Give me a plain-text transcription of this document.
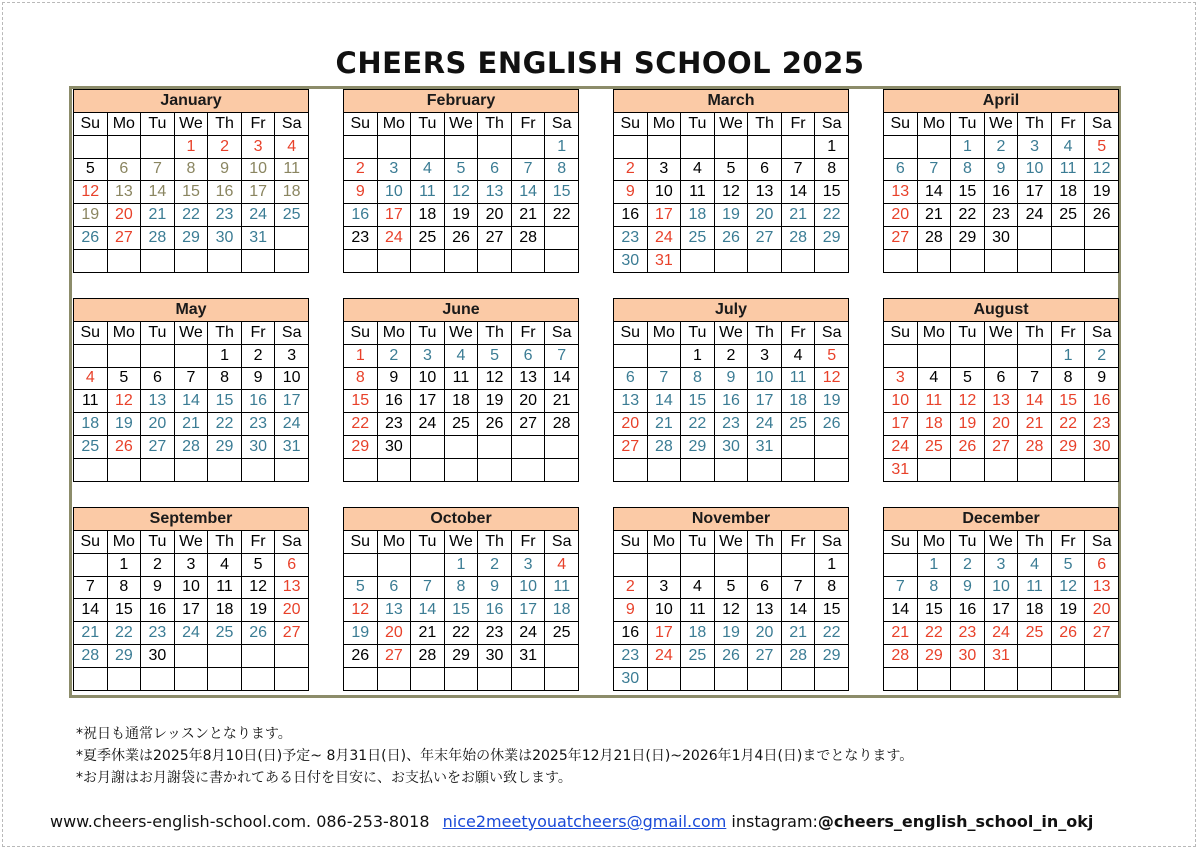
CHEERS ENGLISH SCHOOL 2025
January
Su	Mo	Tu	We	Th	Fr	Sa
			1	2	3	4
5	6	7	8	9	10	11
12	13	14	15	16	17	18
19	20	21	22	23	24	25
26	27	28	29	30	31	

February
Su	Mo	Tu	We	Th	Fr	Sa
						1
2	3	4	5	6	7	8
9	10	11	12	13	14	15
16	17	18	19	20	21	22
23	24	25	26	27	28	

March
Su	Mo	Tu	We	Th	Fr	Sa
						1
2	3	4	5	6	7	8
9	10	11	12	13	14	15
16	17	18	19	20	21	22
23	24	25	26	27	28	29
30	31					
April
Su	Mo	Tu	We	Th	Fr	Sa
		1	2	3	4	5
6	7	8	9	10	11	12
13	14	15	16	17	18	19
20	21	22	23	24	25	26
27	28	29	30			

May
Su	Mo	Tu	We	Th	Fr	Sa
				1	2	3
4	5	6	7	8	9	10
11	12	13	14	15	16	17
18	19	20	21	22	23	24
25	26	27	28	29	30	31

June
Su	Mo	Tu	We	Th	Fr	Sa
1	2	3	4	5	6	7
8	9	10	11	12	13	14
15	16	17	18	19	20	21
22	23	24	25	26	27	28
29	30					

July
Su	Mo	Tu	We	Th	Fr	Sa
		1	2	3	4	5
6	7	8	9	10	11	12
13	14	15	16	17	18	19
20	21	22	23	24	25	26
27	28	29	30	31		

August
Su	Mo	Tu	We	Th	Fr	Sa
					1	2
3	4	5	6	7	8	9
10	11	12	13	14	15	16
17	18	19	20	21	22	23
24	25	26	27	28	29	30
31						
September
Su	Mo	Tu	We	Th	Fr	Sa
	1	2	3	4	5	6
7	8	9	10	11	12	13
14	15	16	17	18	19	20
21	22	23	24	25	26	27
28	29	30				

October
Su	Mo	Tu	We	Th	Fr	Sa
			1	2	3	4
5	6	7	8	9	10	11
12	13	14	15	16	17	18
19	20	21	22	23	24	25
26	27	28	29	30	31	

November
Su	Mo	Tu	We	Th	Fr	Sa
						1
2	3	4	5	6	7	8
9	10	11	12	13	14	15
16	17	18	19	20	21	22
23	24	25	26	27	28	29
30						
December
Su	Mo	Tu	We	Th	Fr	Sa
	1	2	3	4	5	6
7	8	9	10	11	12	13
14	15	16	17	18	19	20
21	22	23	24	25	26	27
28	29	30	31			

*祝日も通常レッスンとなります。
*夏季休業は2025年8月10日(日)予定~ 8月31日(日)、年末年始の休業は2025年12月21日(日)~2026年1月4日(日)までとなります。
*お月謝はお月謝袋に書かれてある日付を目安に、お支払いをお願い致します。
www.cheers-english-school.com. 086-253-8018 nice2meetyouatcheers@gmail.com instagram:@cheers_english_school_in_okj
